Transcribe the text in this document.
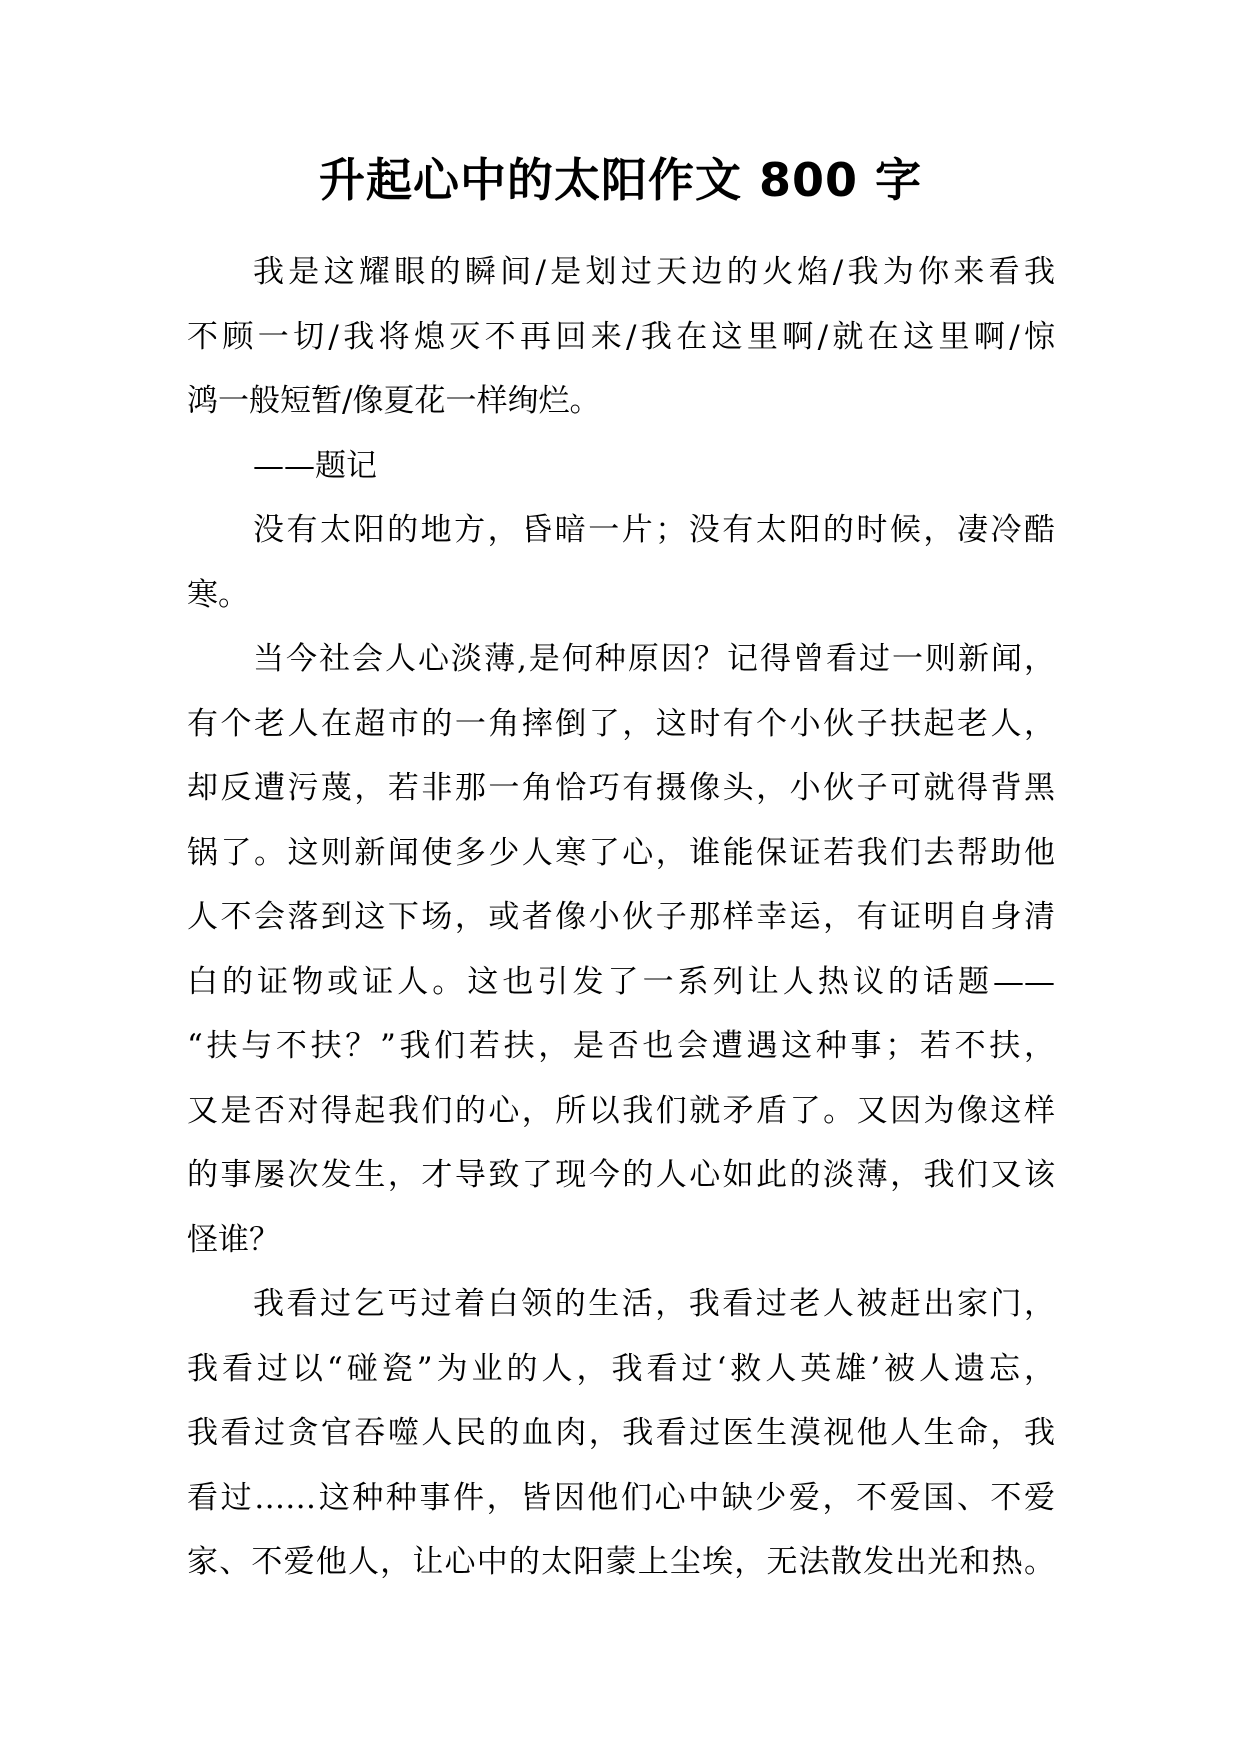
升起心中的太阳作文 800 字
我是这耀眼的瞬间/是划过天边的火焰/我为你来看我
不顾一切/我将熄灭不再回来/我在这里啊/就在这里啊/惊
鸿一般短暂/像夏花一样绚烂。
——题记
没有太阳的地方，昏暗一片；没有太阳的时候，凄冷酷
寒。
当今社会人心淡薄,是何种原因？记得曾看过一则新闻，
有个老人在超市的一角摔倒了，这时有个小伙子扶起老人，
却反遭污蔑，若非那一角恰巧有摄像头，小伙子可就得背黑
锅了。这则新闻使多少人寒了心，谁能保证若我们去帮助他
人不会落到这下场，或者像小伙子那样幸运，有证明自身清
白的证物或证人。这也引发了一系列让人热议的话题——
“扶与不扶？”我们若扶，是否也会遭遇这种事；若不扶，
又是否对得起我们的心，所以我们就矛盾了。又因为像这样
的事屡次发生，才导致了现今的人心如此的淡薄，我们又该
怪谁？
我看过乞丐过着白领的生活，我看过老人被赶出家门，
我看过以“碰瓷”为业的人，我看过‘救人英雄’被人遗忘，
我看过贪官吞噬人民的血肉，我看过医生漠视他人生命，我
看过……这种种事件，皆因他们心中缺少爱，不爱国、不爱
家、不爱他人，让心中的太阳蒙上尘埃，无法散发出光和热。
